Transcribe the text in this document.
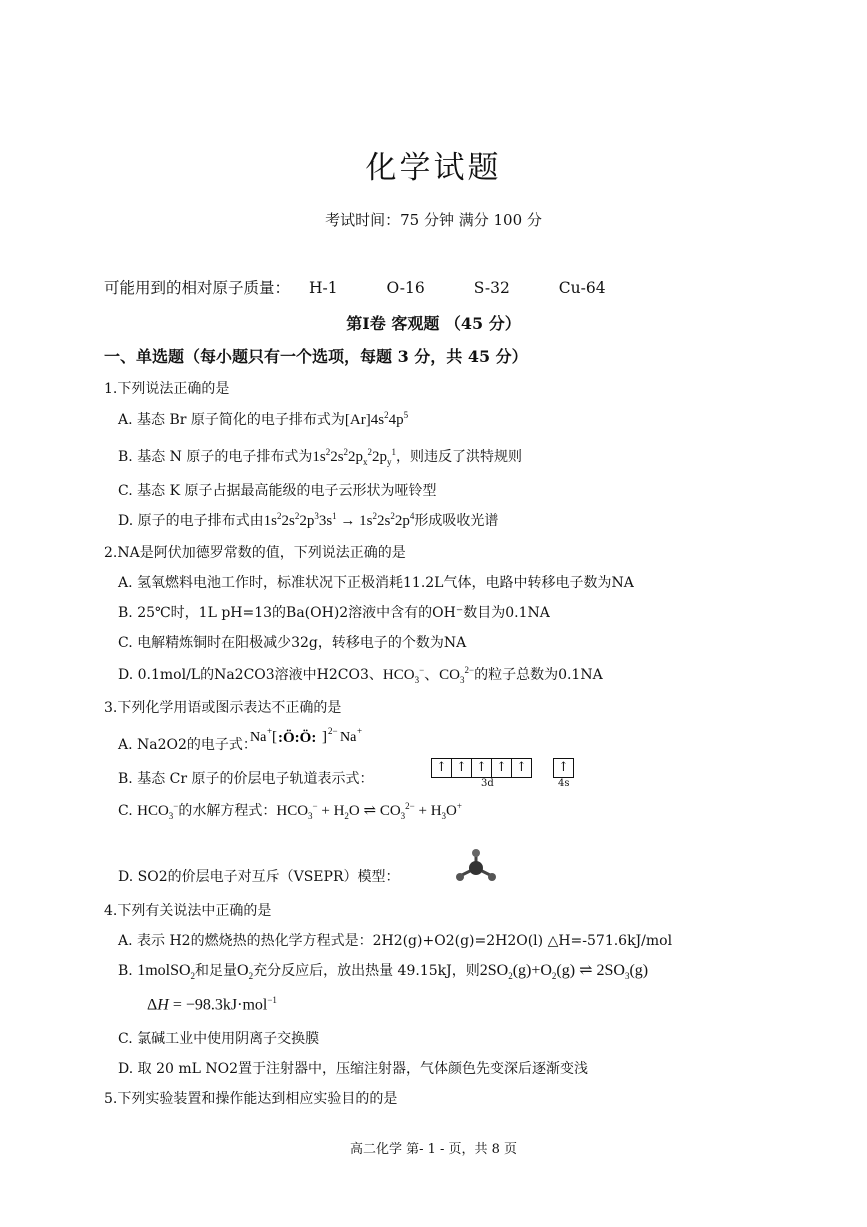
化学试题
考试时间：75 分钟 满分 100 分
可能用到的相对原子质量： H-1	O-16	S-32	Cu-64
第Ⅰ卷 客观题 （45 分）
一、单选题（每小题只有一个选项，每题 3 分，共 45 分）
1.下列说法正确的是
A. 基态 Br 原子简化的电子排布式为$[Ar]4s^24p^5$
B. 基态 N 原子的电子排布式为$1s^22s^22p_x^22p_y^1$，则违反了洪特规则
C. 基态 K 原子占据最高能级的电子云形状为哑铃型
D. 原子的电子排布式由$1s^22s^22p^33s^1 \to 1s^22s^22p^4$形成吸收光谱
2.NA是阿伏加德罗常数的值，下列说法正确的是
A. 氢氧燃料电池工作时，标准状况下正极消耗11.2L气体，电路中转移电子数为NA
B. 25℃时，1L pH=13的Ba(OH)2溶液中含有的OH⁻数目为0.1NA
C. 电解精炼铜时在阳极减少32g，转移电子的个数为NA
D. 0.1mol/L的Na2CO3溶液中H2CO3、$HCO_3^-$、$CO_3^{2-}$的粒子总数为0.1NA
3.下列化学用语或图示表达不正确的是
A. Na2O2的电子式：
Na + [ :Ö:Ö: ] 2− Na +
B. 基态 Cr 原子的价层电子轨道表示式：
↑ ↑ ↑ ↑ ↑	↑
3d	4s
C. $HCO_3^-$的水解方程式：$HCO_3^- + H_2O$ ⇌ $CO_3^{2-} + H_3O^+$
D. SO2的价层电子对互斥（VSEPR）模型：
4.下列有关说法中正确的是
A. 表示 H2的燃烧热的热化学方程式是：2H2(g)+O2(g)=2H2O(l) △H=-571.6kJ/mol
B. 1molSO$_2$和足量$O_2$充分反应后，放出热量 49.15kJ，则$2SO_2(g)+O_2(g)$ ⇌ $2SO_3(g)$
ΔH = −98.3kJ·mol$^{-1}$
C. 氯碱工业中使用阴离子交换膜
D. 取 20 mL NO2置于注射器中，压缩注射器，气体颜色先变深后逐渐变浅
5.下列实验装置和操作能达到相应实验目的的是
高二化学 第- 1 - 页，共 8 页
